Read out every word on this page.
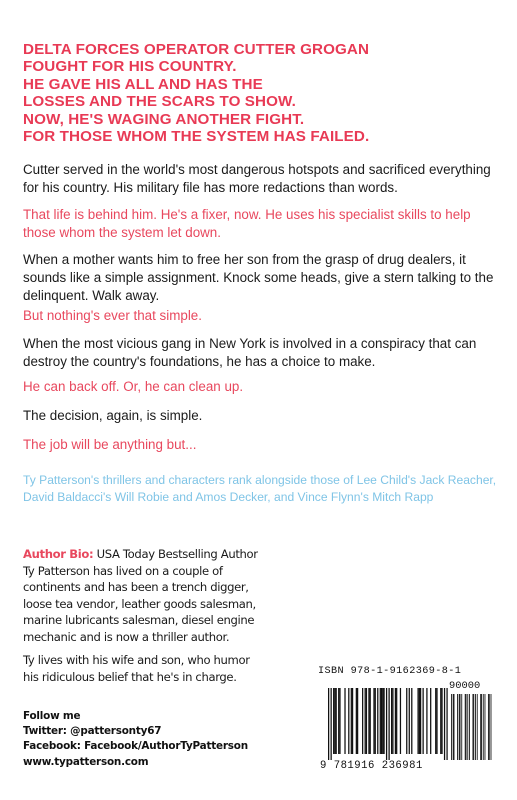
DELTA FORCES OPERATOR CUTTER GROGAN
FOUGHT FOR HIS COUNTRY.
HE GAVE HIS ALL AND HAS THE
LOSSES AND THE SCARS TO SHOW.
NOW, HE'S WAGING ANOTHER FIGHT.
FOR THOSE WHOM THE SYSTEM HAS FAILED.
Cutter served in the world's most dangerous hotspots and sacrificed everything for his country. His military file has more redactions than words.
That life is behind him. He's a fixer, now. He uses his specialist skills to help those whom the system let down.
When a mother wants him to free her son from the grasp of drug dealers, it sounds like a simple assignment. Knock some heads, give a stern talking to the delinquent. Walk away.
But nothing's ever that simple.
When the most vicious gang in New York is involved in a conspiracy that can destroy the country's foundations, he has a choice to make.
He can back off. Or, he can clean up.
The decision, again, is simple.
The job will be anything but...
Ty Patterson's thrillers and characters rank alongside those of Lee Child's Jack Reacher, David Baldacci's Will Robie and Amos Decker, and Vince Flynn's Mitch Rapp
Author Bio: USA Today Bestselling Author
Ty Patterson has lived on a couple of
continents and has been a trench digger,
loose tea vendor, leather goods salesman,
marine lubricants salesman, diesel engine
mechanic and is now a thriller author.
Ty lives with his wife and son, who humor
his ridiculous belief that he's in charge.
Follow me
Twitter: @pattersonty67
Facebook: Facebook/AuthorTyPatterson
www.typatterson.com
ISBN 978-1-9162369-8-1
90000
9 781916 236981
